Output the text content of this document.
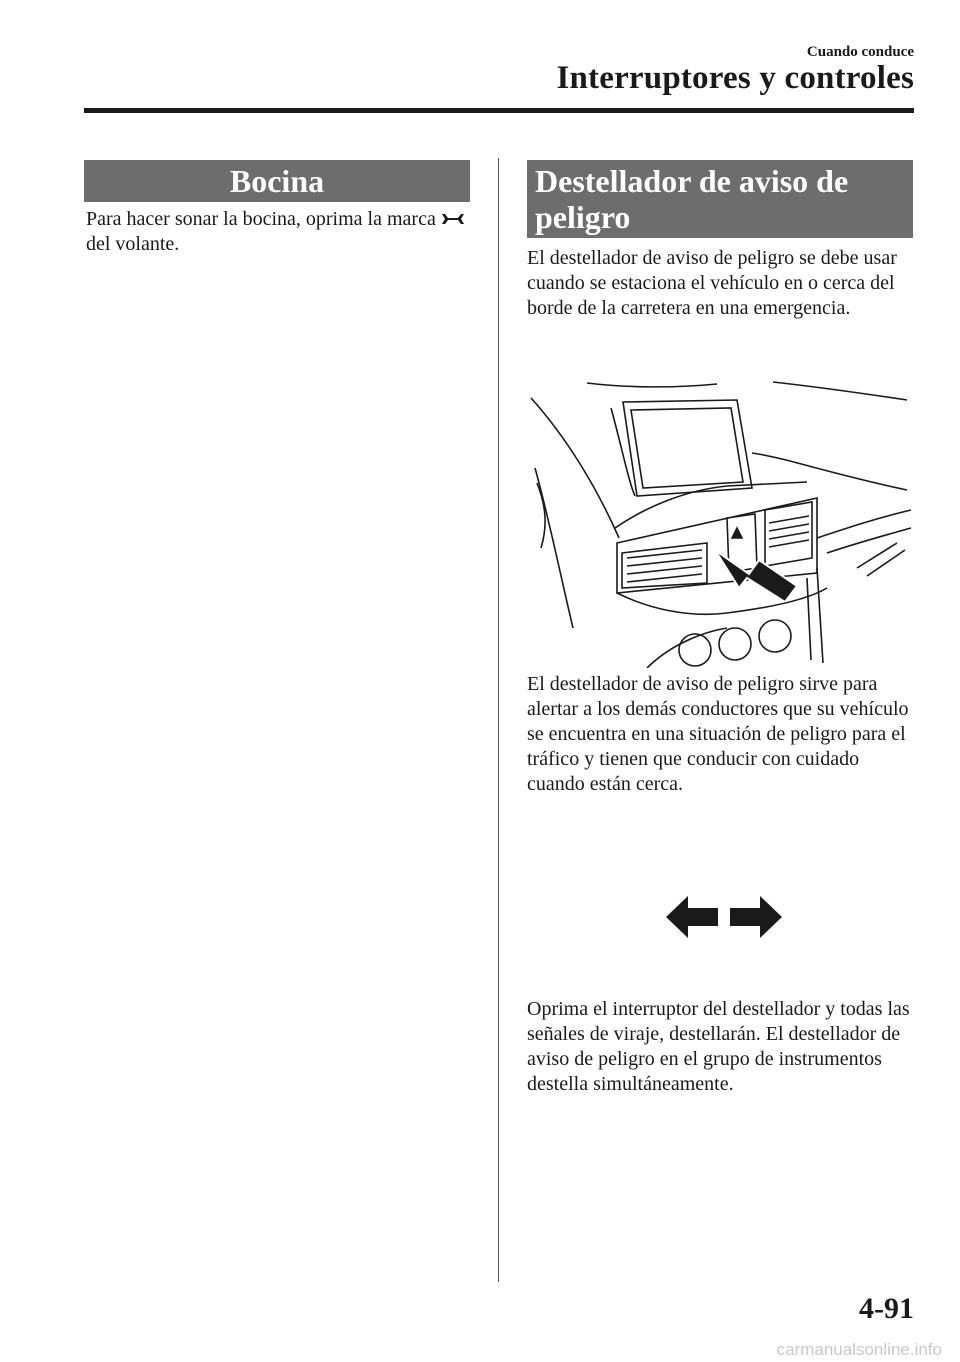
Cuando conduce
Interruptores y controles
Bocina

Para hacer sonar la bocina, oprima la marca  del volante.

Destellador de aviso de peligro

El destellador de aviso de peligro se debe usar cuando se estaciona el vehículo en o cerca del borde de la carretera en una emergencia.

El destellador de aviso de peligro sirve para alertar a los demás conductores que su vehículo se encuentra en una situación de peligro para el tráfico y tienen que conducir con cuidado cuando están cerca.

Oprima el interruptor del destellador y todas las señales de viraje, destellarán. El destellador de aviso de peligro en el grupo de instrumentos destella simultáneamente.

4-91
carmanualsonline.info
